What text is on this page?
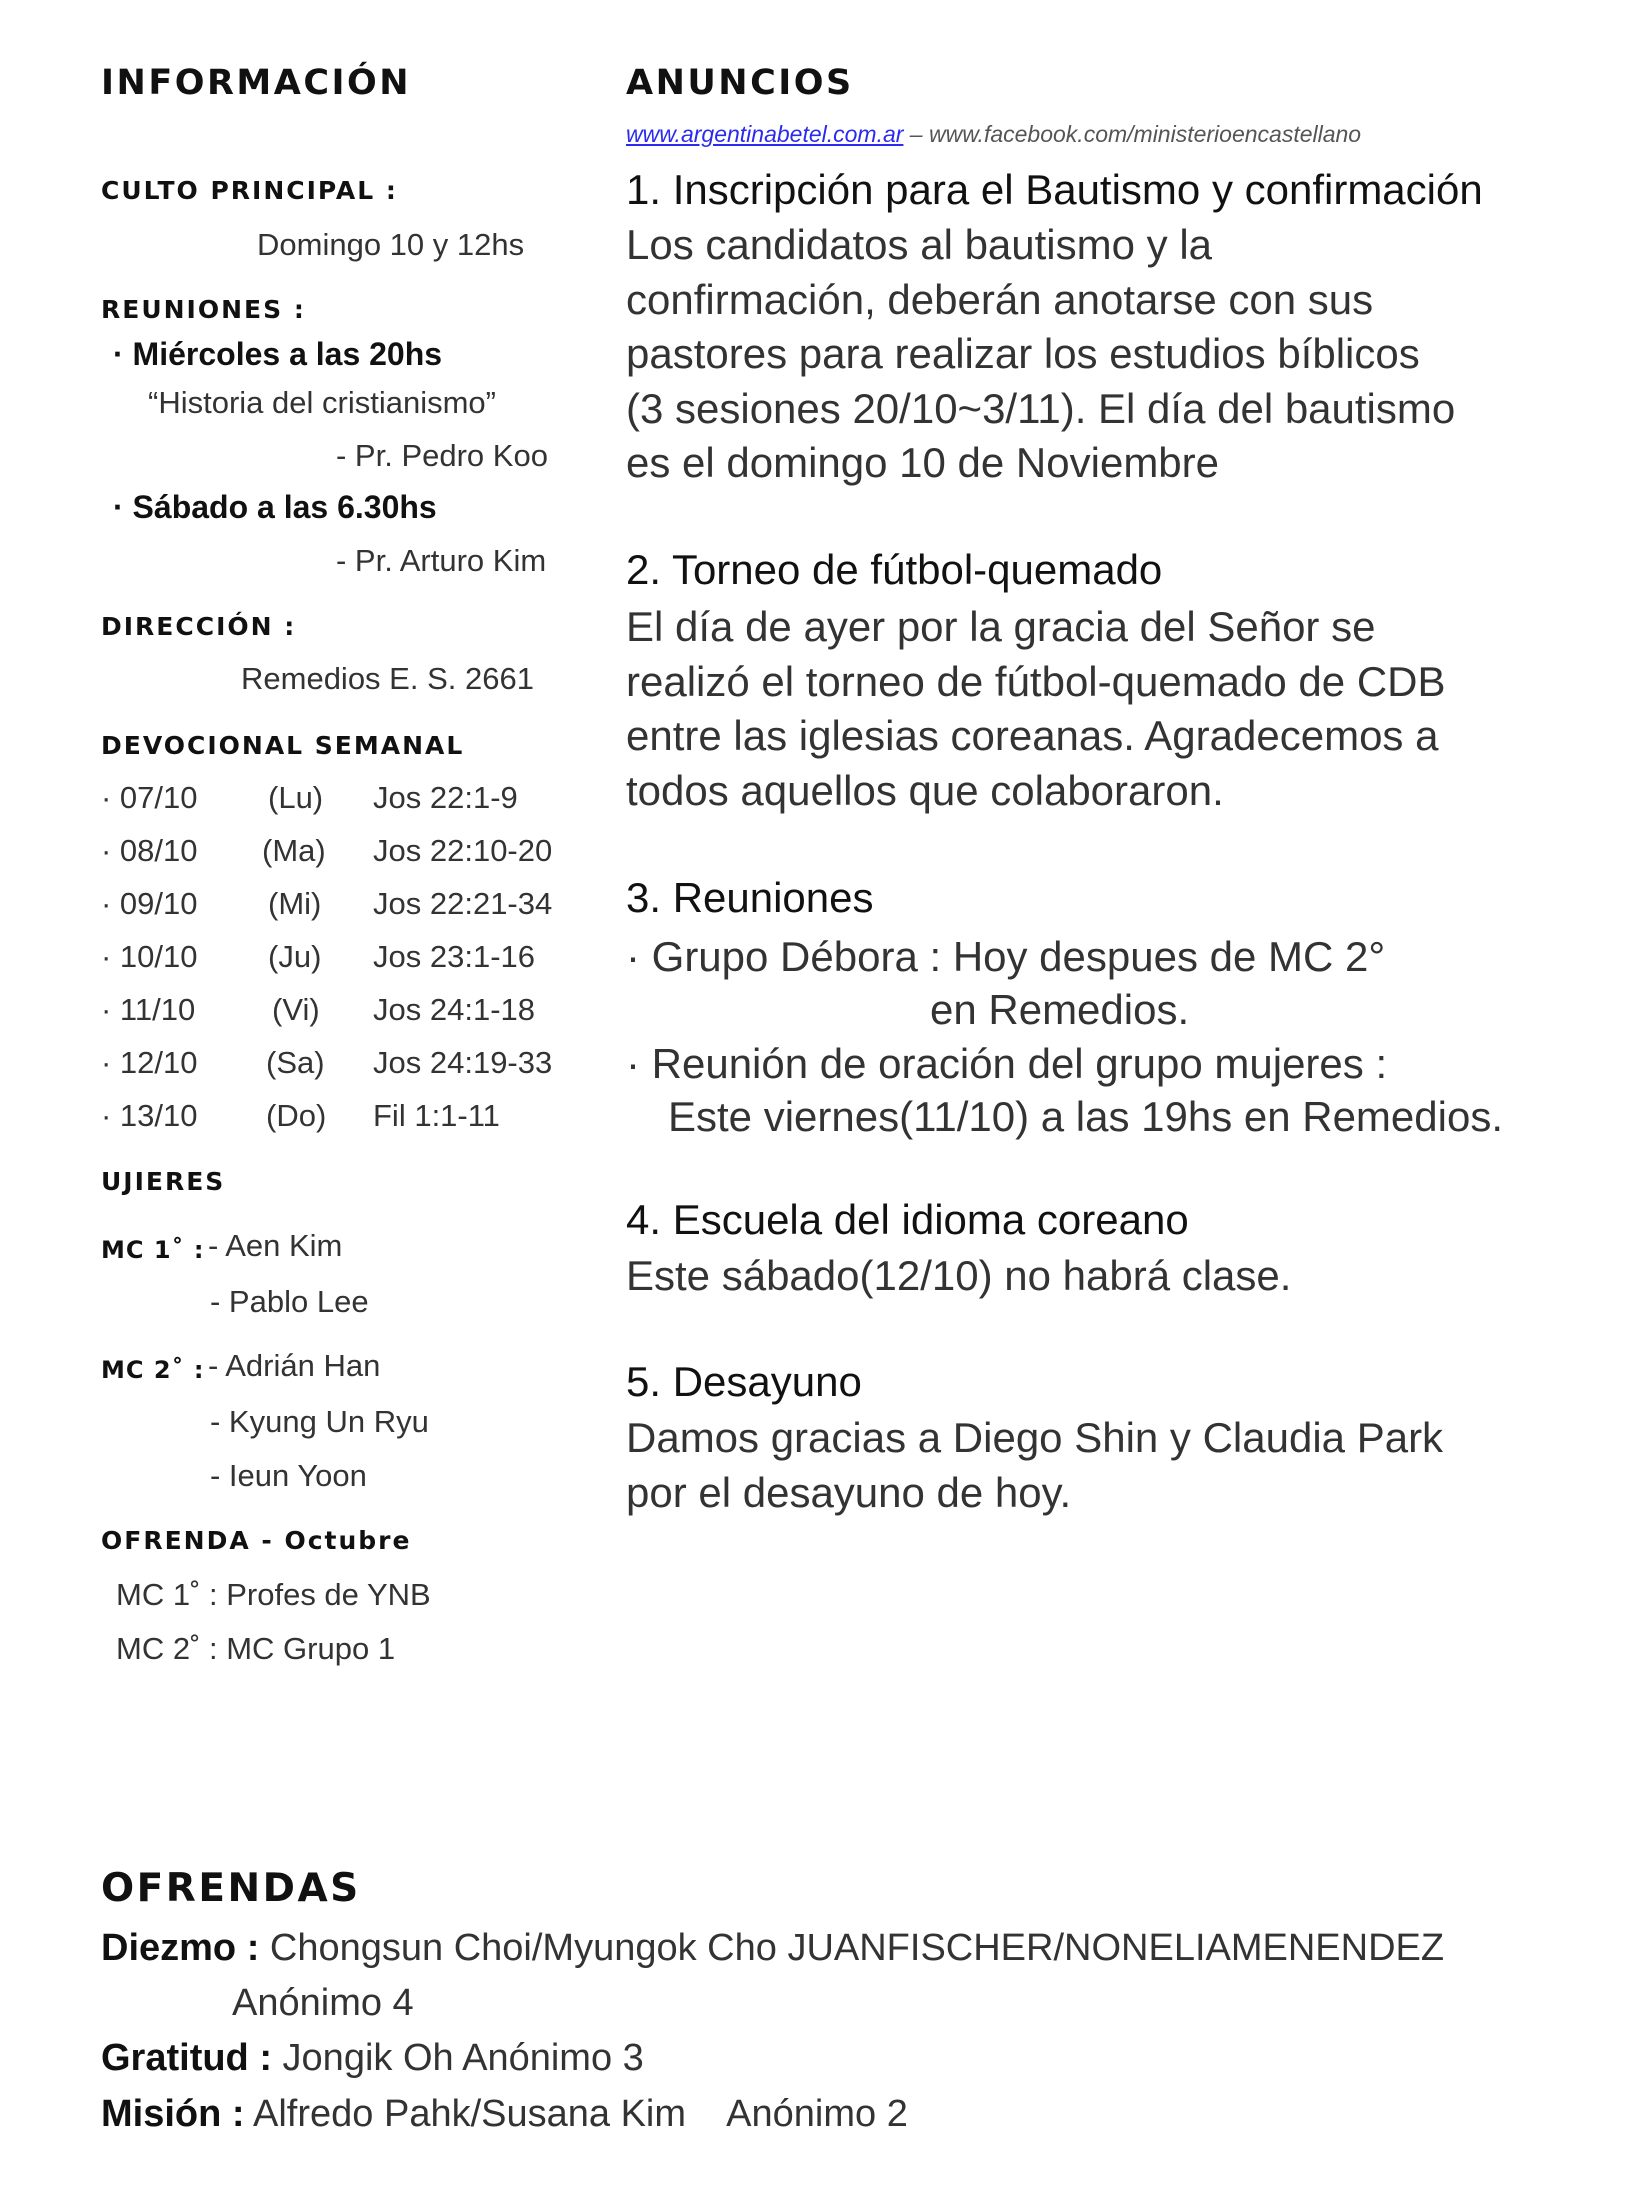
INFORMACIÓN
CULTO PRINCIPAL :
Domingo 10 y 12hs
REUNIONES :
· Miércoles a las 20hs
“Historia del cristianismo”
- Pr. Pedro Koo
· Sábado a las 6.30hs
- Pr. Arturo Kim
DIRECCIÓN :
Remedios E. S. 2661
DEVOCIONAL SEMANAL
· 07/10 (Lu) Jos 22:1-9
· 08/10 (Ma) Jos 22:10-20
· 09/10 (Mi) Jos 22:21-34
· 10/10 (Ju) Jos 23:1-16
· 11/10 (Vi) Jos 24:1-18
· 12/10 (Sa) Jos 24:19-33
· 13/10 (Do) Fil 1:1-11
UJIERES
MC 1˚ : - Aen Kim
- Pablo Lee
MC 2˚ : - Adrián Han
- Kyung Un Ryu
- Ieun Yoon
OFRENDA - Octubre
MC 1˚ : Profes de YNB
MC 2˚ : MC Grupo 1
ANUNCIOS
www.argentinabetel.com.ar – www.facebook.com/ministerioencastellano
1. Inscripción para el Bautismo y confirmación
Los candidatos al bautismo y la
confirmación, deberán anotarse con sus
pastores para realizar los estudios bíblicos
(3 sesiones 20/10~3/11). El día del bautismo
es el domingo 10 de Noviembre
2. Torneo de fútbol-quemado
El día de ayer por la gracia del Señor se
realizó el torneo de fútbol-quemado de CDB
entre las iglesias coreanas. Agradecemos a
todos aquellos que colaboraron.
3. Reuniones
· Grupo Débora : Hoy despues de MC 2°
en Remedios.
· Reunión de oración del grupo mujeres :
Este viernes(11/10) a las 19hs en Remedios.
4. Escuela del idioma coreano
Este sábado(12/10) no habrá clase.
5. Desayuno
Damos gracias a Diego Shin y Claudia Park
por el desayuno de hoy.
OFRENDAS
Diezmo : Chongsun Choi/Myungok Cho JUANFISCHER/NONELIAMENENDEZ
Anónimo 4
Gratitud : Jongik Oh Anónimo 3
Misión : Alfredo Pahk/Susana Kim    Anónimo 2
